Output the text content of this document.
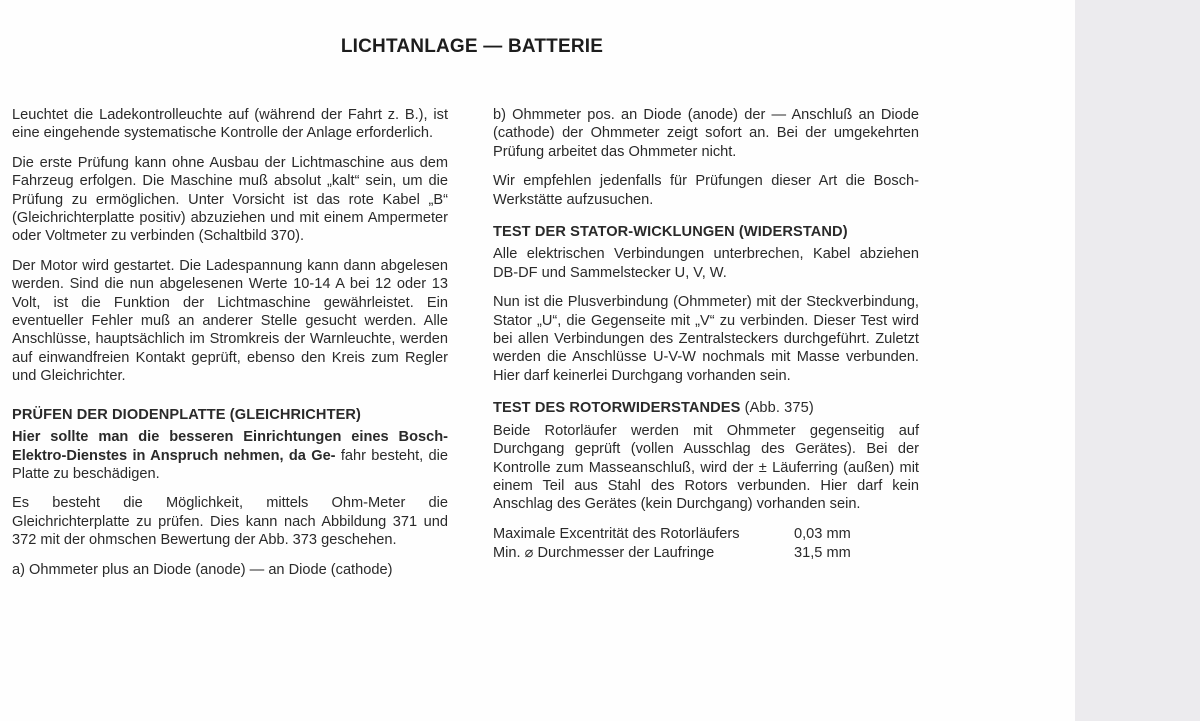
LICHTANLAGE — BATTERIE

Leuchtet die Ladekontrolleuchte auf (während der Fahrt z. B.), ist eine eingehende systematische Kontrolle der Anlage erforderlich.

Die erste Prüfung kann ohne Ausbau der Lichtmaschine aus dem Fahrzeug erfolgen. Die Maschine muß absolut „kalt“ sein, um die Prüfung zu ermöglichen. Unter Vorsicht ist das rote Kabel „B“ (Gleichrichterplatte positiv) abzuziehen und mit einem Ampermeter oder Voltmeter zu verbinden (Schaltbild 370).

Der Motor wird gestartet. Die Ladespannung kann dann abgelesen werden. Sind die nun abgelesenen Werte 10-14 A bei 12 oder 13 Volt, ist die Funktion der Lichtmaschine gewährleistet. Ein eventueller Fehler muß an anderer Stelle gesucht werden. Alle Anschlüsse, hauptsächlich im Stromkreis der Warnleuchte, werden auf einwandfreien Kontakt geprüft, ebenso den Kreis zum Regler und Gleichrichter.

PRÜFEN DER DIODENPLATTE (GLEICHRICHTER)

Hier sollte man die besseren Einrichtungen eines Bosch-Elektro-Dienstes in Anspruch nehmen, da Ge- fahr besteht, die Platte zu beschädigen.

Es besteht die Möglichkeit, mittels Ohm-Meter die Gleichrichterplatte zu prüfen. Dies kann nach Abbildung 371 und 372 mit der ohmschen Bewertung der Abb. 373 geschehen.

a) Ohmmeter plus an Diode (anode) — an Diode (cathode)

b) Ohmmeter pos. an Diode (anode) der — Anschluß an Diode (cathode) der Ohmmeter zeigt sofort an. Bei der umgekehrten Prüfung arbeitet das Ohmmeter nicht.

Wir empfehlen jedenfalls für Prüfungen dieser Art die Bosch-Werkstätte aufzusuchen.

TEST DER STATOR-WICKLUNGEN (WIDERSTAND)

Alle elektrischen Verbindungen unterbrechen, Kabel abziehen DB-DF und Sammelstecker U, V, W.

Nun ist die Plusverbindung (Ohmmeter) mit der Steckverbindung, Stator „U“, die Gegenseite mit „V“ zu verbinden. Dieser Test wird bei allen Verbindungen des Zentralsteckers durchgeführt. Zuletzt werden die Anschlüsse U-V-W nochmals mit Masse verbunden. Hier darf keinerlei Durchgang vorhanden sein.

TEST DES ROTORWIDERSTANDES (Abb. 375)

Beide Rotorläufer werden mit Ohmmeter gegenseitig auf Durchgang geprüft (vollen Ausschlag des Gerätes). Bei der Kontrolle zum Masseanschluß, wird der ± Läuferring (außen) mit einem Teil aus Stahl des Rotors verbunden. Hier darf kein Anschlag des Gerätes (kein Durchgang) vorhanden sein.

Maximale Excentrität des Rotorläufers	0,03 mm
Min. ⌀ Durchmesser der Laufringe	31,5 mm
